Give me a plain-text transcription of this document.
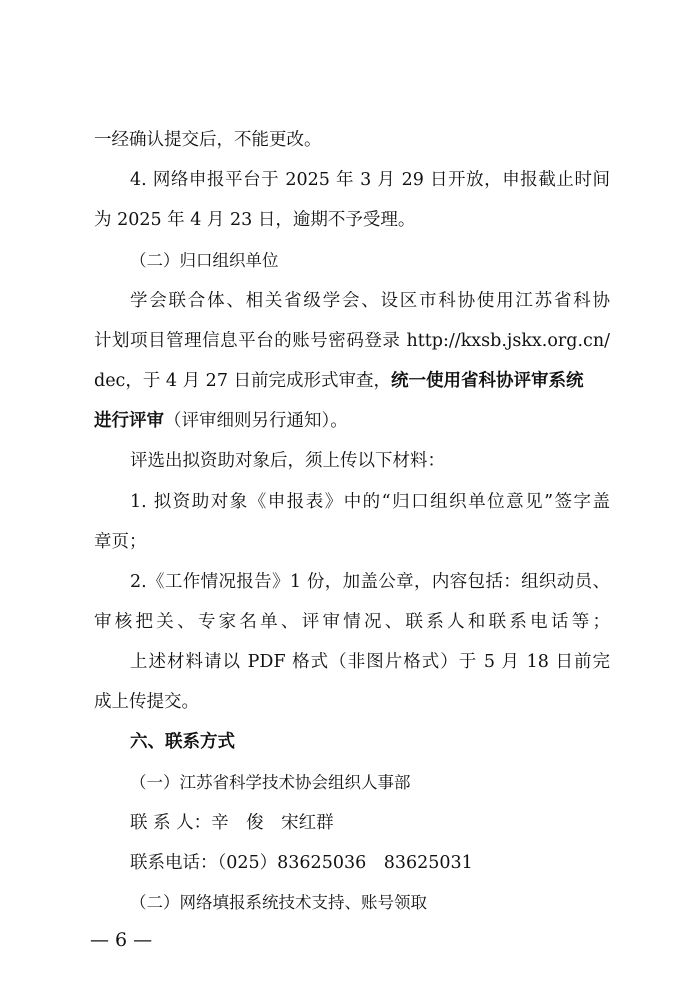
一经确认提交后，不能更改。
4. 网络申报平台于 2025 年 3 月 29 日开放，申报截止时间
为 2025 年 4 月 23 日，逾期不予受理。
（二）归口组织单位
学会联合体、相关省级学会、设区市科协使用江苏省科协
计划项目管理信息平台的账号密码登录 http://kxsb.jskx.org.cn/
dec，于 4 月 27 日前完成形式审查，统一使用省科协评审系统
进行评审（评审细则另行通知）。
评选出拟资助对象后，须上传以下材料：
1. 拟资助对象《申报表》中的“归口组织单位意见”签字盖
章页；
2.《工作情况报告》1 份，加盖公章，内容包括：组织动员、
审核把关、专家名单、评审情况、联系人和联系电话等；
上述材料请以 PDF 格式（非图片格式）于 5 月 18 日前完
成上传提交。
六、联系方式
（一）江苏省科学技术协会组织人事部
联 系 人：辛　俊　宋红群
联系电话：（025）83625036　83625031
（二）网络填报系统技术支持、账号领取
— 6 —
